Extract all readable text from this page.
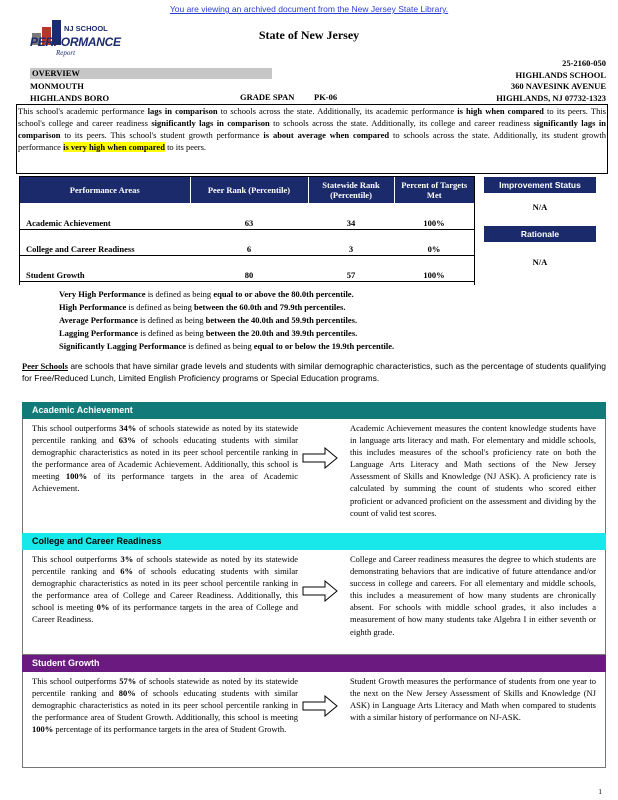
You are viewing an archived document from the New Jersey State Library.
NJ SCHOOL
PERFORMANCE
Report
State of New Jersey
OVERVIEW
MONMOUTH
HIGHLANDS BORO	GRADE SPAN PK-06
25-2160-050
HIGHLANDS SCHOOL
360 NAVESINK AVENUE
HIGHLANDS, NJ 07732-1323
This school's academic performance lags in comparison to schools across the state. Additionally, its academic performance is high when compared to its peers. This school's college and career readiness significantly lags in comparison to schools across the state. Additionally, its college and career readiness significantly lags in comparison to its peers. This school's student growth performance is about average when compared to schools across the state. Additionally, its student growth performance is very high when compared to its peers.
Performance Areas	Peer Rank (Percentile)	Statewide Rank (Percentile)	Percent of Targets Met
Academic Achievement	63	34	100%
College and Career Readiness	6	3	0%
Student Growth	80	57	100%
Improvement Status
N/A
Rationale
N/A
Very High Performance is defined as being equal to or above the 80.0th percentile.
High Performance is defined as being between the 60.0th and 79.9th percentiles.
Average Performance is defined as being between the 40.0th and 59.9th percentiles.
Lagging Performance is defined as being between the 20.0th and 39.9th percentiles.
Significantly Lagging Performance is defined as being equal to or below the 19.9th percentile.
Peer Schools are schools that have similar grade levels and students with similar demographic characteristics, such as the percentage of students qualifying for Free/Reduced Lunch, Limited English Proficiency programs or Special Education programs.
Academic Achievement
This school outperforms 34% of schools statewide as noted by its statewide percentile ranking and 63% of schools educating students with similar demographic characteristics as noted in its peer school percentile ranking in the performance area of Academic Achievement. Additionally, this school is meeting 100% of its performance targets in the area of Academic Achievement.
Academic Achievement measures the content knowledge students have in language arts literacy and math. For elementary and middle schools, this includes measures of the school's proficiency rate on both the Language Arts Literacy and Math sections of the New Jersey Assessment of Skills and Knowledge (NJ ASK). A proficiency rate is calculated by summing the count of students who scored either proficient or advanced proficient on the assessment and dividing by the count of valid test scores.
College and Career Readiness
This school outperforms 3% of schools statewide as noted by its statewide percentile ranking and 6% of schools educating students with similar demographic characteristics as noted in its peer school percentile ranking in the performance area of College and Career Readiness. Additionally, this school is meeting 0% of its performance targets in the area of College and Career Readiness.
College and Career readiness measures the degree to which students are demonstrating behaviors that are indicative of future attendance and/or success in college and careers. For all elementary and middle schools, this includes a measurement of how many students are chronically absent. For schools with middle school grades, it also includes a measurement of how many students take Algebra I in either seventh or eighth grade.
Student Growth
This school outperforms 57% of schools statewide as noted by its statewide percentile ranking and 80% of schools educating students with similar demographic characteristics as noted in its peer school percentile ranking in the performance area of Student Growth. Additionally, this school is meeting 100% percentage of its performance targets in the area of Student Growth.
Student Growth measures the performance of students from one year to the next on the New Jersey Assessment of Skills and Knowledge (NJ ASK) in Language Arts Literacy and Math when compared to students with a similar history of performance on NJ-ASK.
1
